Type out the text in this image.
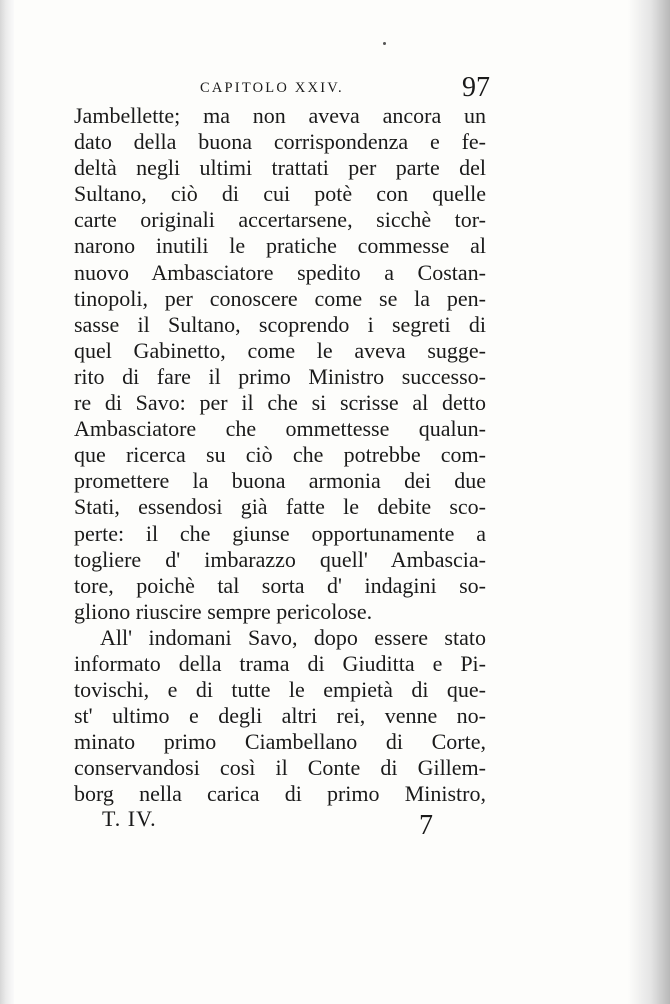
CAPITOLO XXIV.	97
Jambellette; ma non aveva ancora un
dato della buona corrispondenza e fe-
deltà negli ultimi trattati per parte del
Sultano, ciò di cui potè con quelle
carte originali accertarsene, sicchè tor-
narono inutili le pratiche commesse al
nuovo Ambasciatore spedito a Costan-
tinopoli, per conoscere come se la pen-
sasse il Sultano, scoprendo i segreti di
quel Gabinetto, come le aveva sugge-
rito di fare il primo Ministro successo-
re di Savo: per il che si scrisse al detto
Ambasciatore che ommettesse qualun-
que ricerca su ciò che potrebbe com-
promettere la buona armonia dei due
Stati, essendosi già fatte le debite sco-
perte: il che giunse opportunamente a
togliere d' imbarazzo quell' Ambascia-
tore, poichè tal sorta d' indagini so-
gliono riuscire sempre pericolose.
All' indomani Savo, dopo essere stato
informato della trama di Giuditta e Pi-
tovischi, e di tutte le empietà di que-
st' ultimo e degli altri rei, venne no-
minato primo Ciambellano di Corte,
conservandosi così il Conte di Gillem-
borg nella carica di primo Ministro,
T. IV.	7
